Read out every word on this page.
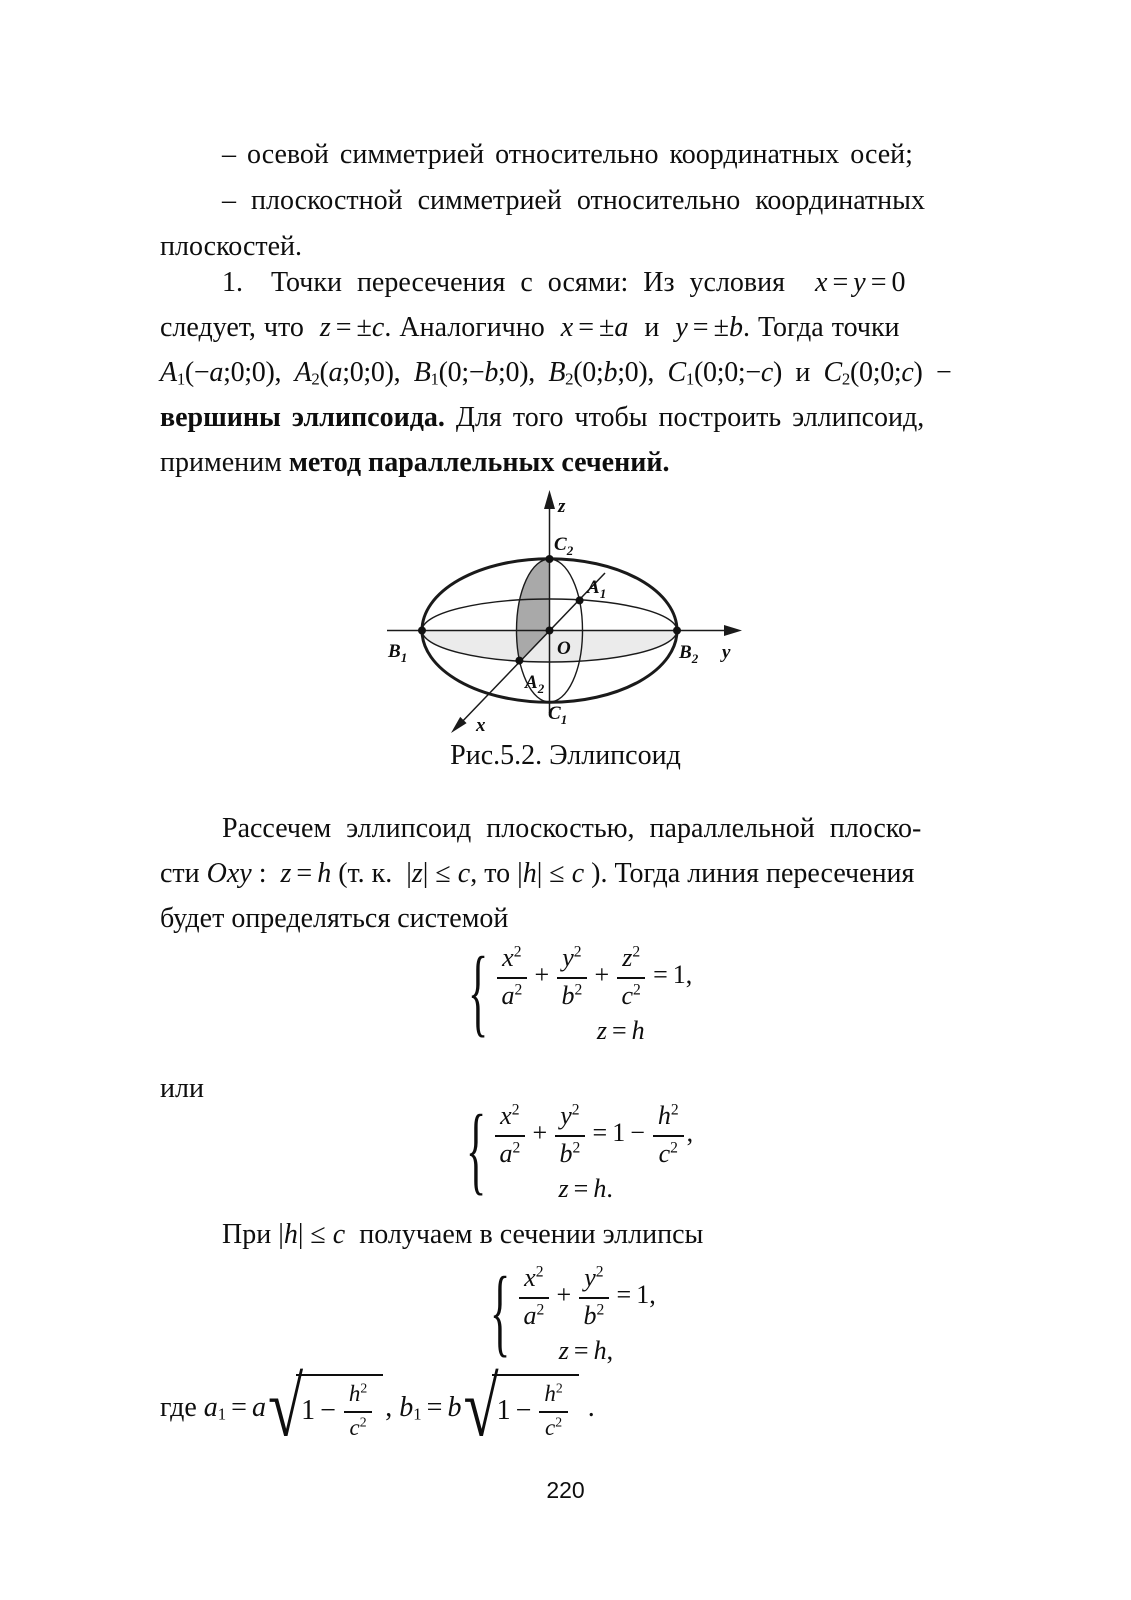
– осевой симметрией относительно координатных осей;
– плоскостной симметрией относительно координатных
плоскостей.
1. Точки пересечения с осями: Из условия  x = y = 0
следует, что  z = ±c. Аналогично  x = ±a  и  y = ±b. Тогда точки
$A_1(-a;0;0)$,  $A_2(a;0;0)$,  $B_1(0;-b;0)$,  $B_2(0;b;0)$,  $C_1(0;0;-c)$  и  $C_2(0;0;c)$  −
вершины эллипсоида. Для того чтобы построить эллипсоид,
применим метод параллельных сечений.
z
y
x
O
$C_2$
$C_1$
$B_1$	$B_2$
$A_1$
$A_2$
Рис.5.2. Эллипсоид
Рассечем эллипсоид плоскостью, параллельной плоско-
сти Oxy :  z = h (т. к.  |z| ≤ c, то |h| ≤ c ). Тогда линия пересечения
будет определяться системой
{ $\frac{x^2}{a^2} + \frac{y^2}{b^2} + \frac{z^2}{c^2} = 1$,
z = h
или
{ $\frac{x^2}{a^2} + \frac{y^2}{b^2} = 1 - \frac{h^2}{c^2}$ ,
z = h.
При |h| ≤ c  получаем в сечении эллипсы
{ $\frac{x^2}{a^2} + \frac{y^2}{b^2} = 1$,
z = h,
где $a_1 = a$ √
$1 - \frac{h^2}{c^2}$ , $b_1 = b$ √
$1 - \frac{h^2}{c^2}$ .
220
